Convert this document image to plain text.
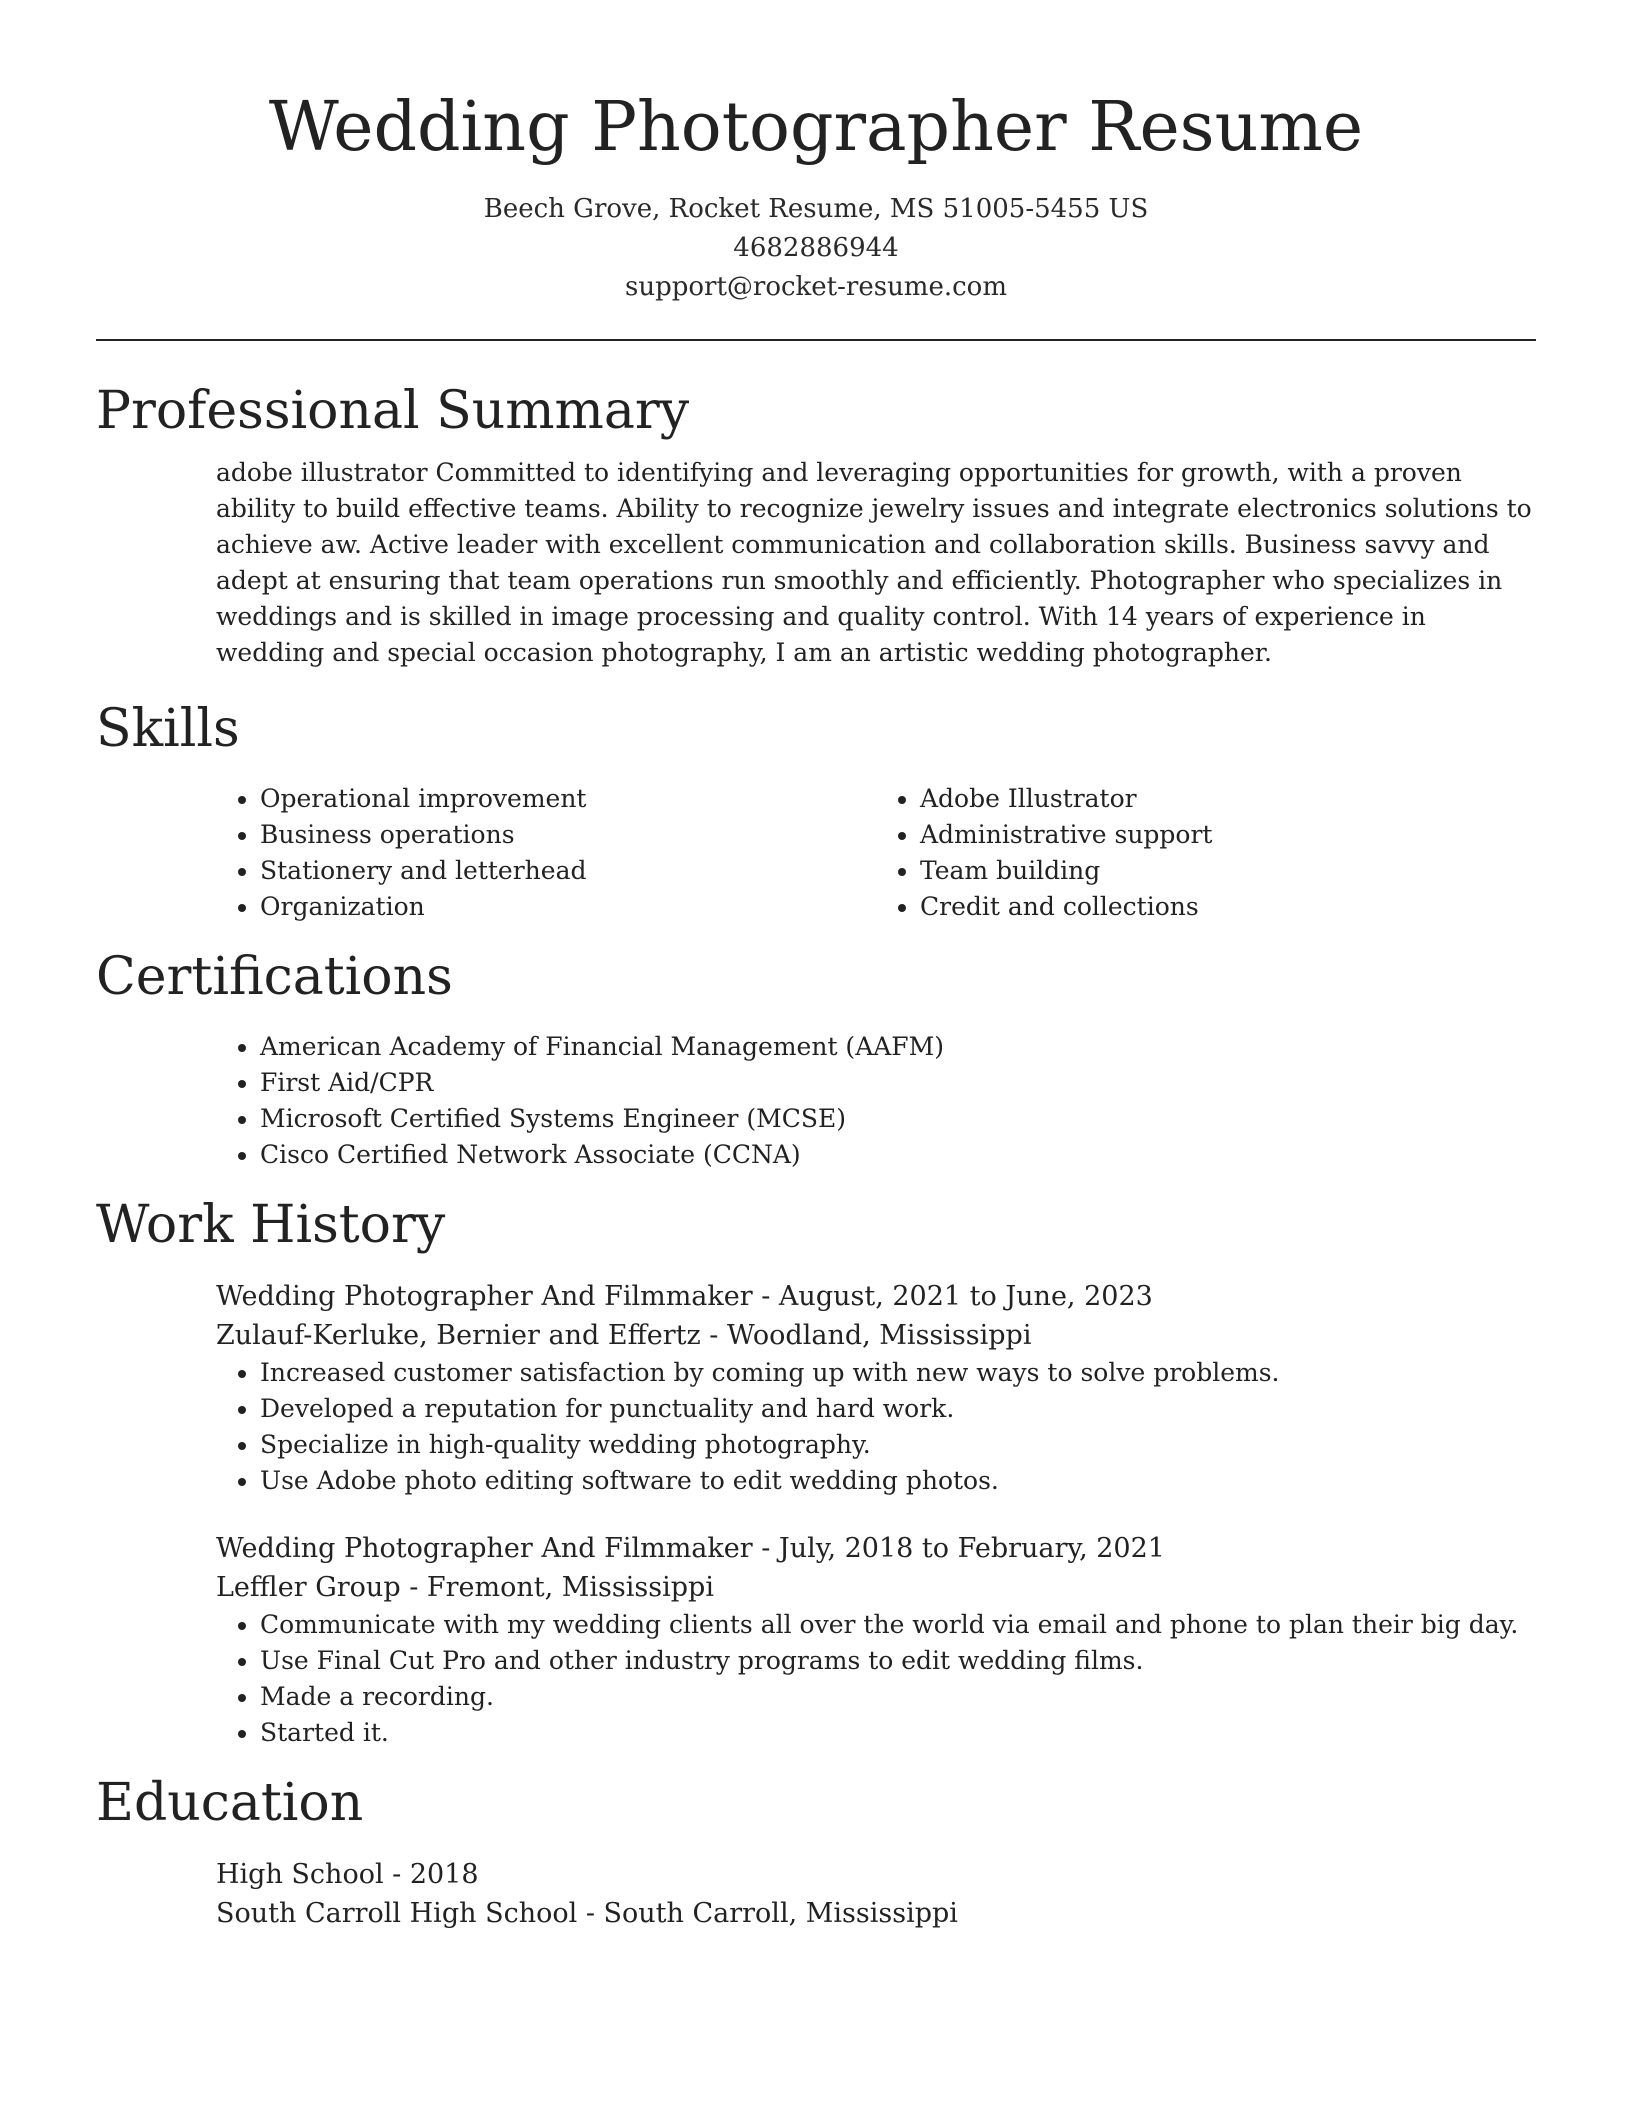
Wedding Photographer Resume
Beech Grove, Rocket Resume, MS 51005-5455 US
4682886944
support@rocket-resume.com
Professional Summary
adobe illustrator Committed to identifying and leveraging opportunities for growth, with a proven ability to build effective teams. Ability to recognize jewelry issues and integrate electronics solutions to achieve aw. Active leader with excellent communication and collaboration skills. Business savvy and adept at ensuring that team operations run smoothly and efficiently. Photographer who specializes in weddings and is skilled in image processing and quality control. With 14 years of experience in wedding and special occasion photography, I am an artistic wedding photographer.
Skills
• Operational improvement
• Business operations
• Stationery and letterhead
• Organization
• Adobe Illustrator
• Administrative support
• Team building
• Credit and collections
Certifications
• American Academy of Financial Management (AAFM)
• First Aid/CPR
• Microsoft Certified Systems Engineer (MCSE)
• Cisco Certified Network Associate (CCNA)
Work History
Wedding Photographer And Filmmaker - August, 2021 to June, 2023
Zulauf-Kerluke, Bernier and Effertz - Woodland, Mississippi
• Increased customer satisfaction by coming up with new ways to solve problems.
• Developed a reputation for punctuality and hard work.
• Specialize in high-quality wedding photography.
• Use Adobe photo editing software to edit wedding photos.
Wedding Photographer And Filmmaker - July, 2018 to February, 2021
Leffler Group - Fremont, Mississippi
• Communicate with my wedding clients all over the world via email and phone to plan their big day.
• Use Final Cut Pro and other industry programs to edit wedding films.
• Made a recording.
• Started it.
Education
High School - 2018
South Carroll High School - South Carroll, Mississippi
